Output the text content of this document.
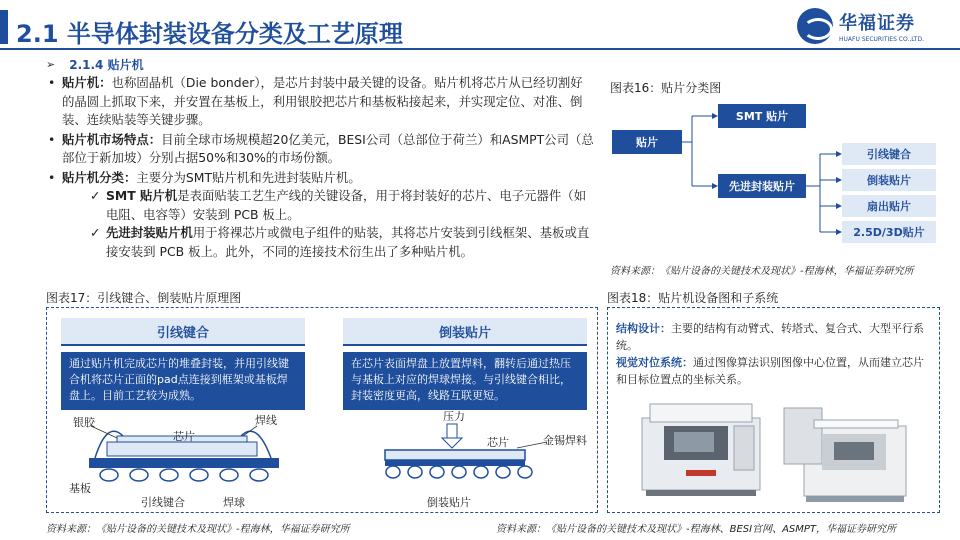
2.1 半导体封装设备分类及工艺原理	华福证券
HUAFU SECURITIES CO.,LTD.
➢ 2.1.4 贴片机
• 贴片机：也称固晶机（Die bonder），是芯片封装中最关键的设备。贴片机将芯片从已经切割好的晶圆上抓取下来，并安置在基板上，利用银胶把芯片和基板粘接起来，并实现定位、对准、倒装、连续贴装等关键步骤。
• 贴片机市场特点：目前全球市场规模超20亿美元，BESI公司（总部位于荷兰）和ASMPT公司（总部位于新加坡）分别占据50%和30%的市场份额。
• 贴片机分类：主要分为SMT贴片机和先进封装贴片机。
✓ SMT 贴片机是表面贴装工艺生产线的关键设备，用于将封装好的芯片、电子元器件（如电阻、电容等）安装到 PCB 板上。
✓ 先进封装贴片机用于将裸芯片或微电子组件的贴装，其将芯片安装到引线框架、基板或直接安装到 PCB 板上。此外，不同的连接技术衍生出了多种贴片机。
图表16：贴片分类图
贴片
SMT 贴片
先进封装贴片
引线键合
倒装贴片
扇出贴片
2.5D/3D贴片
资料来源：《贴片设备的关键技术及现状》-程海林，华福证券研究所
图表17：引线键合、倒装贴片原理图
引线键合
通过贴片机完成芯片的堆叠封装，并用引线键合机将芯片正面的pad点连接到框架或基板焊盘上。目前工艺较为成熟。
倒装贴片
在芯片表面焊盘上放置焊料，翻转后通过热压与基板上对应的焊球焊接。与引线键合相比，封装密度更高，线路互联更短。
银胶	焊线
芯片
基板
引线键合	焊球
压力
芯片	金锡焊料
倒装贴片
图表18：贴片机设备图和子系统
结构设计：主要的结构有动臂式、转塔式、复合式、大型平行系统。
视觉对位系统：通过图像算法识别图像中心位置，从而建立芯片和目标位置点的坐标关系。
资料来源：《贴片设备的关键技术及现状》-程海林，华福证券研究所	资料来源：《贴片设备的关键技术及现状》-程海林、BESI官网、ASMPT，华福证券研究所
